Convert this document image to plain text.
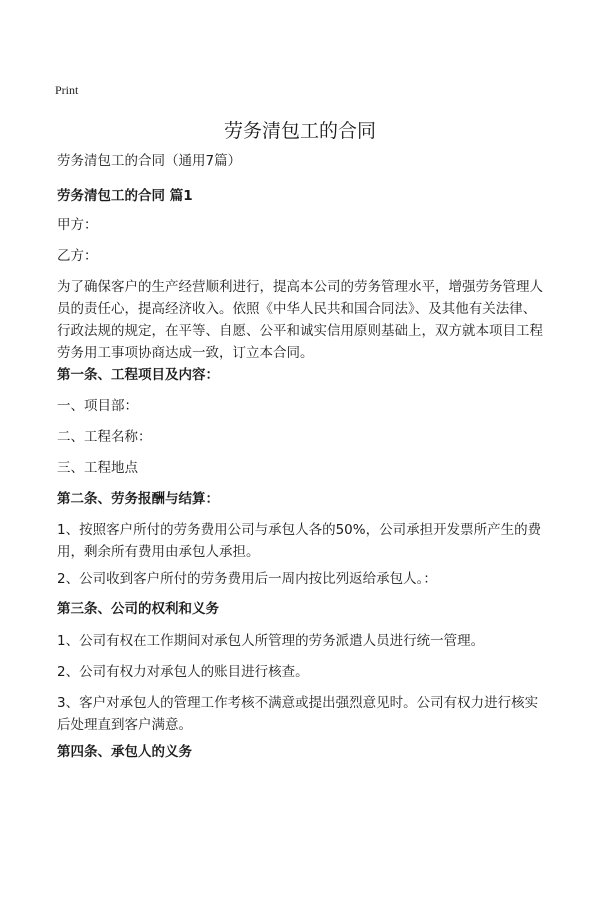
Print
劳务清包工的合同
劳务清包工的合同（通用7篇）
劳务清包工的合同 篇1
甲方：
乙方：
为了确保客户的生产经营顺利进行，提高本公司的劳务管理水平，增强劳务管理人
员的责任心，提高经济收入。依照《中华人民共和国合同法》、及其他有关法律、
行政法规的规定，在平等、自愿、公平和诚实信用原则基础上，双方就本项目工程
劳务用工事项协商达成一致，订立本合同。
第一条、工程项目及内容：
一、项目部：
二、工程名称：
三、工程地点
第二条、劳务报酬与结算：
1、按照客户所付的劳务费用公司与承包人各的50%，公司承担开发票所产生的费
用，剩余所有费用由承包人承担。
2、公司收到客户所付的劳务费用后一周内按比列返给承包人。：
第三条、公司的权利和义务
1、公司有权在工作期间对承包人所管理的劳务派遣人员进行统一管理。
2、公司有权力对承包人的账目进行核查。
3、客户对承包人的管理工作考核不满意或提出强烈意见时。公司有权力进行核实
后处理直到客户满意。
第四条、承包人的义务
